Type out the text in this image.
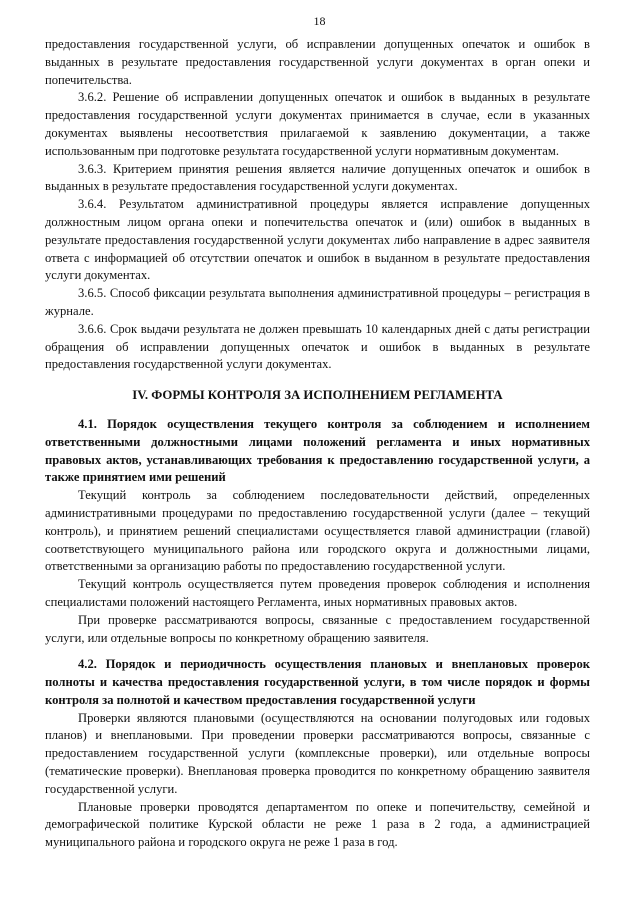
18

предоставления государственной услуги, об исправлении допущенных опечаток и ошибок в выданных в результате предоставления государственной услуги документах в орган опеки и попечительства.

3.6.2. Решение об исправлении допущенных опечаток и ошибок в выданных в результате предоставления государственной услуги документах принимается в случае, если в указанных документах выявлены несоответствия прилагаемой к заявлению документации, а также использованным при подготовке результата государственной услуги нормативным документам.

3.6.3. Критерием принятия решения является наличие допущенных опечаток и ошибок в выданных в результате предоставления государственной услуги документах.

3.6.4. Результатом административной процедуры является исправление допущенных должностным лицом органа опеки и попечительства опечаток и (или) ошибок в выданных в результате предоставления государственной услуги документах либо направление в адрес заявителя ответа с информацией об отсутствии опечаток и ошибок в выданном в результате предоставления услуги документах.

3.6.5. Способ фиксации результата выполнения административной процедуры – регистрация в журнале.

3.6.6. Срок выдачи результата не должен превышать 10 календарных дней с даты регистрации обращения об исправлении допущенных опечаток и ошибок в выданных в результате предоставления государственной услуги документах.

IV. ФОРМЫ КОНТРОЛЯ ЗА ИСПОЛНЕНИЕМ РЕГЛАМЕНТА

4.1. Порядок осуществления текущего контроля за соблюдением и исполнением ответственными должностными лицами положений регламента и иных нормативных правовых актов, устанавливающих требования к предоставлению государственной услуги, а также принятием ими решений

Текущий контроль за соблюдением последовательности действий, определенных административными процедурами по предоставлению государственной услуги (далее – текущий контроль), и принятием решений специалистами осуществляется главой администрации (главой) соответствующего муниципального района или городского округа и должностными лицами, ответственными за организацию работы по предоставлению государственной услуги.

Текущий контроль осуществляется путем проведения проверок соблюдения и исполнения специалистами положений настоящего Регламента, иных нормативных правовых актов.

При проверке рассматриваются вопросы, связанные с предоставлением государственной услуги, или отдельные вопросы по конкретному обращению заявителя.

4.2. Порядок и периодичность осуществления плановых и внеплановых проверок полноты и качества предоставления государственной услуги, в том числе порядок и формы контроля за полнотой и качеством предоставления государственной услуги

Проверки являются плановыми (осуществляются на основании полугодовых или годовых планов) и внеплановыми. При проведении проверки рассматриваются вопросы, связанные с предоставлением государственной услуги (комплексные проверки), или отдельные вопросы (тематические проверки). Внеплановая проверка проводится по конкретному обращению заявителя государственной услуги.

Плановые проверки проводятся департаментом по опеке и попечительству, семейной и демографической политике Курской области не реже 1 раза в 2 года, а администрацией муниципального района и городского округа не реже 1 раза в год.
